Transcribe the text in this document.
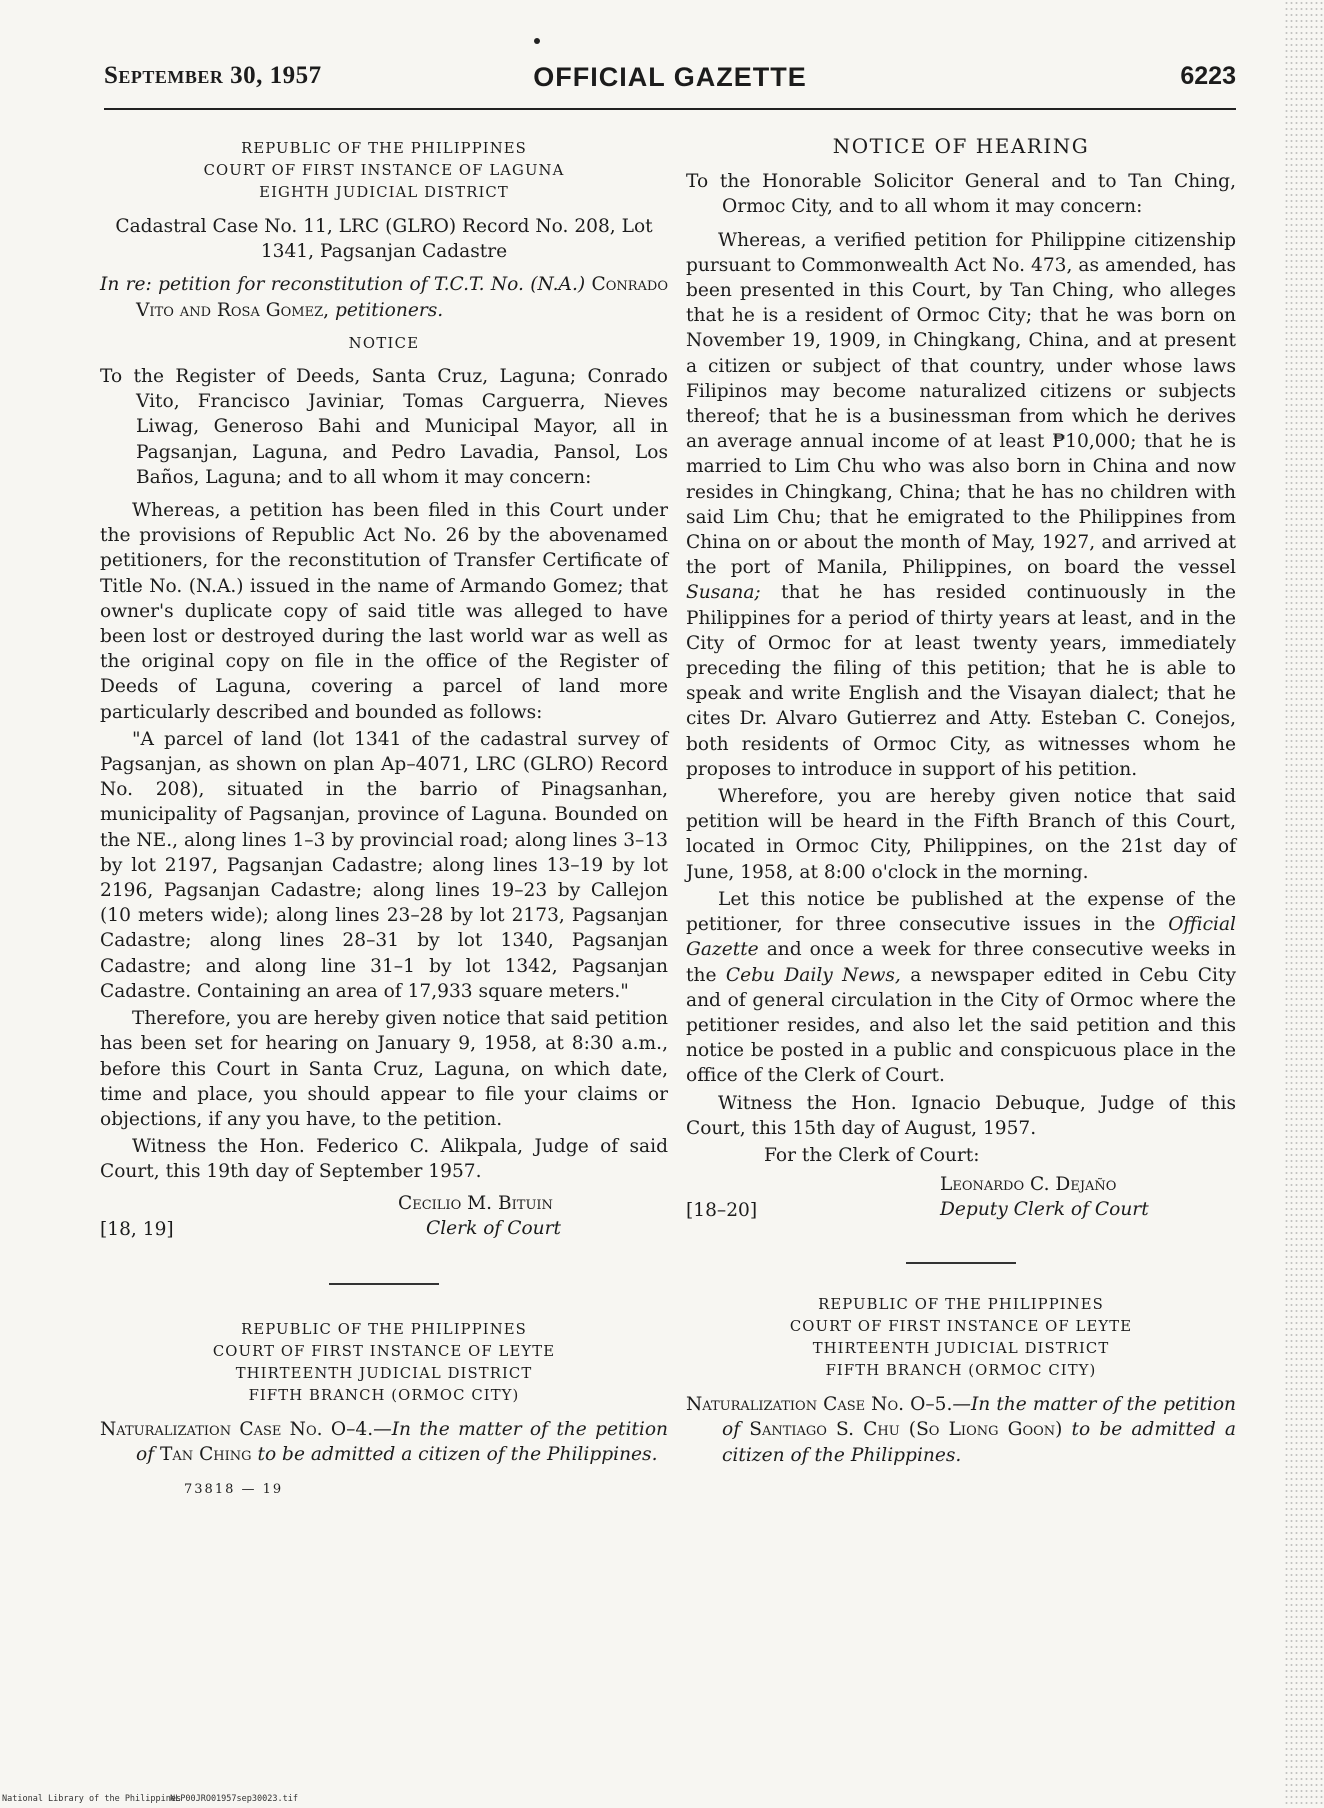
September 30, 1957	OFFICIAL GAZETTE	6223
REPUBLIC OF THE PHILIPPINES
COURT OF FIRST INSTANCE OF LAGUNA
EIGHTH JUDICIAL DISTRICT

Cadastral Case No. 11, LRC (GLRO) Record No. 208, Lot 1341, Pagsanjan Cadastre

In re: petition for reconstitution of T.C.T. No. (N.A.) Conrado Vito and Rosa Gomez, petitioners.

NOTICE

To the Register of Deeds, Santa Cruz, Laguna; Conrado Vito, Francisco Javiniar, Tomas Carguerra, Nieves Liwag, Generoso Bahi and Municipal Mayor, all in Pagsanjan, Laguna, and Pedro Lavadia, Pansol, Los Baños, Laguna; and to all whom it may concern:

Whereas, a petition has been filed in this Court under the provisions of Republic Act No. 26 by the abovenamed petitioners, for the reconstitution of Transfer Certificate of Title No. (N.A.) issued in the name of Armando Gomez; that owner's duplicate copy of said title was alleged to have been lost or destroyed during the last world war as well as the original copy on file in the office of the Register of Deeds of Laguna, covering a parcel of land more particularly described and bounded as follows:

"A parcel of land (lot 1341 of the cadastral survey of Pagsanjan, as shown on plan Ap–4071, LRC (GLRO) Record No. 208), situated in the barrio of Pinagsanhan, municipality of Pagsanjan, province of Laguna. Bounded on the NE., along lines 1–3 by provincial road; along lines 3–13 by lot 2197, Pagsanjan Cadastre; along lines 13–19 by lot 2196, Pagsanjan Cadastre; along lines 19–23 by Callejon (10 meters wide); along lines 23–28 by lot 2173, Pagsanjan Cadastre; along lines 28–31 by lot 1340, Pagsanjan Cadastre; and along line 31–1 by lot 1342, Pagsanjan Cadastre. Containing an area of 17,933 square meters."

Therefore, you are hereby given notice that said petition has been set for hearing on January 9, 1958, at 8:30 a.m., before this Court in Santa Cruz, Laguna, on which date, time and place, you should appear to file your claims or objections, if any you have, to the petition.

Witness the Hon. Federico C. Alikpala, Judge of said Court, this 19th day of September 1957.

[18, 19]
Cecilio M. Bituin
Clerk of Court
REPUBLIC OF THE PHILIPPINES
COURT OF FIRST INSTANCE OF LEYTE
THIRTEENTH JUDICIAL DISTRICT
FIFTH BRANCH (ORMOC CITY)

Naturalization Case No. O–4.—In the matter of the petition of Tan Ching to be admitted a citizen of the Philippines.

73818 — 19
NOTICE OF HEARING

To the Honorable Solicitor General and to Tan Ching, Ormoc City, and to all whom it may concern:

Whereas, a verified petition for Philippine citizenship pursuant to Commonwealth Act No. 473, as amended, has been presented in this Court, by Tan Ching, who alleges that he is a resident of Ormoc City; that he was born on November 19, 1909, in Chingkang, China, and at present a citizen or subject of that country, under whose laws Filipinos may become naturalized citizens or subjects thereof; that he is a businessman from which he derives an average annual income of at least ₱10,000; that he is married to Lim Chu who was also born in China and now resides in Chingkang, China; that he has no children with said Lim Chu; that he emigrated to the Philippines from China on or about the month of May, 1927, and arrived at the port of Manila, Philippines, on board the vessel Susana; that he has resided continuously in the Philippines for a period of thirty years at least, and in the City of Ormoc for at least twenty years, immediately preceding the filing of this petition; that he is able to speak and write English and the Visayan dialect; that he cites Dr. Alvaro Gutierrez and Atty. Esteban C. Conejos, both residents of Ormoc City, as witnesses whom he proposes to introduce in support of his petition.

Wherefore, you are hereby given notice that said petition will be heard in the Fifth Branch of this Court, located in Ormoc City, Philippines, on the 21st day of June, 1958, at 8:00 o'clock in the morning.

Let this notice be published at the expense of the petitioner, for three consecutive issues in the Official Gazette and once a week for three consecutive weeks in the Cebu Daily News, a newspaper edited in Cebu City and of general circulation in the City of Ormoc where the petitioner resides, and also let the said petition and this notice be posted in a public and conspicuous place in the office of the Clerk of Court.

Witness the Hon. Ignacio Debuque, Judge of this Court, this 15th day of August, 1957.

For the Clerk of Court:

[18–20]
Leonardo C. Dejaño
Deputy Clerk of Court
REPUBLIC OF THE PHILIPPINES
COURT OF FIRST INSTANCE OF LEYTE
THIRTEENTH JUDICIAL DISTRICT
FIFTH BRANCH (ORMOC CITY)

Naturalization Case No. O–5.—In the matter of the petition of Santiago S. Chu (So Liong Goon) to be admitted a citizen of the Philippines.

National Library of the Philippines
NLP00JRO01957sep30023.tif
